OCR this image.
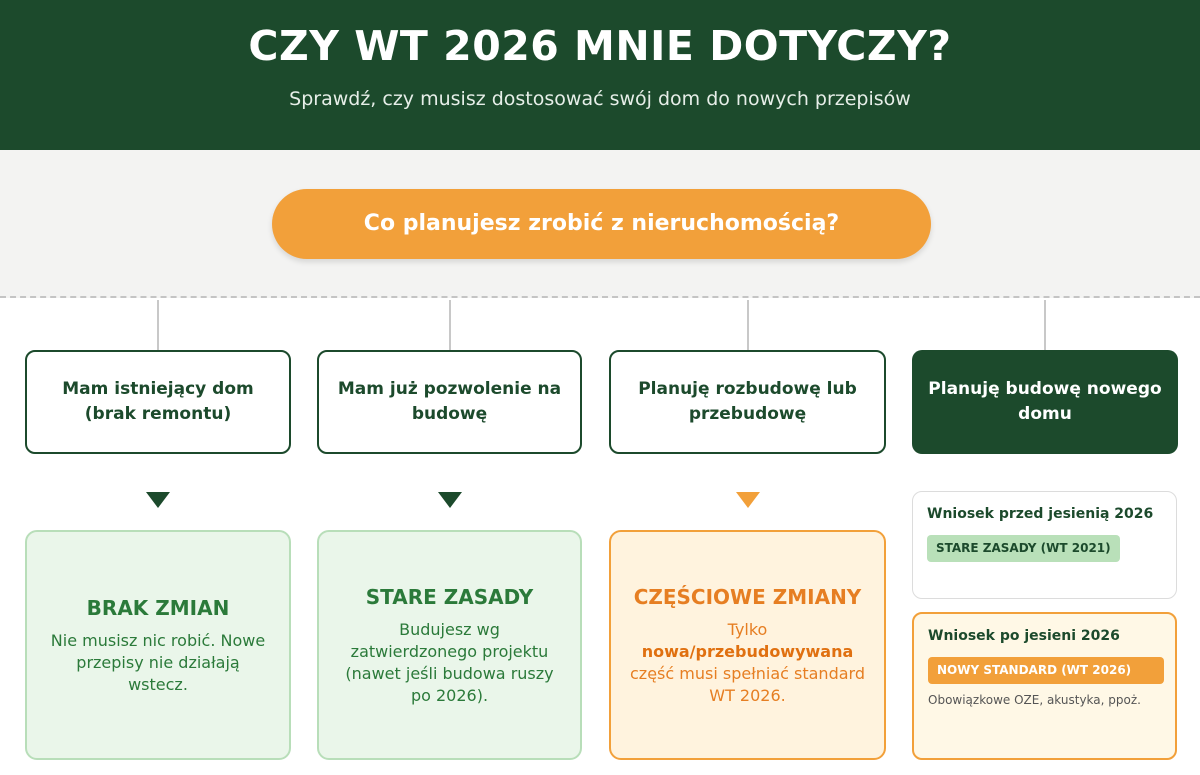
CZY WT 2026 MNIE DOTYCZY?
Sprawdź, czy musisz dostosować swój dom do nowych przepisów
Co planujesz zrobić z nieruchomością?
Mam istniejący dom (brak remontu)
Mam już pozwolenie na budowę
Planuję rozbudowę lub przebudowę
Planuję budowę nowego domu
BRAK ZMIAN
Nie musisz nic robić. Nowe przepisy nie działają wstecz.
STARE ZASADY
Budujesz wg zatwierdzonego projektu (nawet jeśli budowa ruszy po 2026).
CZĘŚCIOWE ZMIANY
Tylko
nowa/przebudowywana
część musi spełniać standard WT 2026.
Wniosek przed jesienią 2026
STARE ZASADY (WT 2021)
Wniosek po jesieni 2026
NOWY STANDARD (WT 2026)
Obowiązkowe OZE, akustyka, ppoż.
